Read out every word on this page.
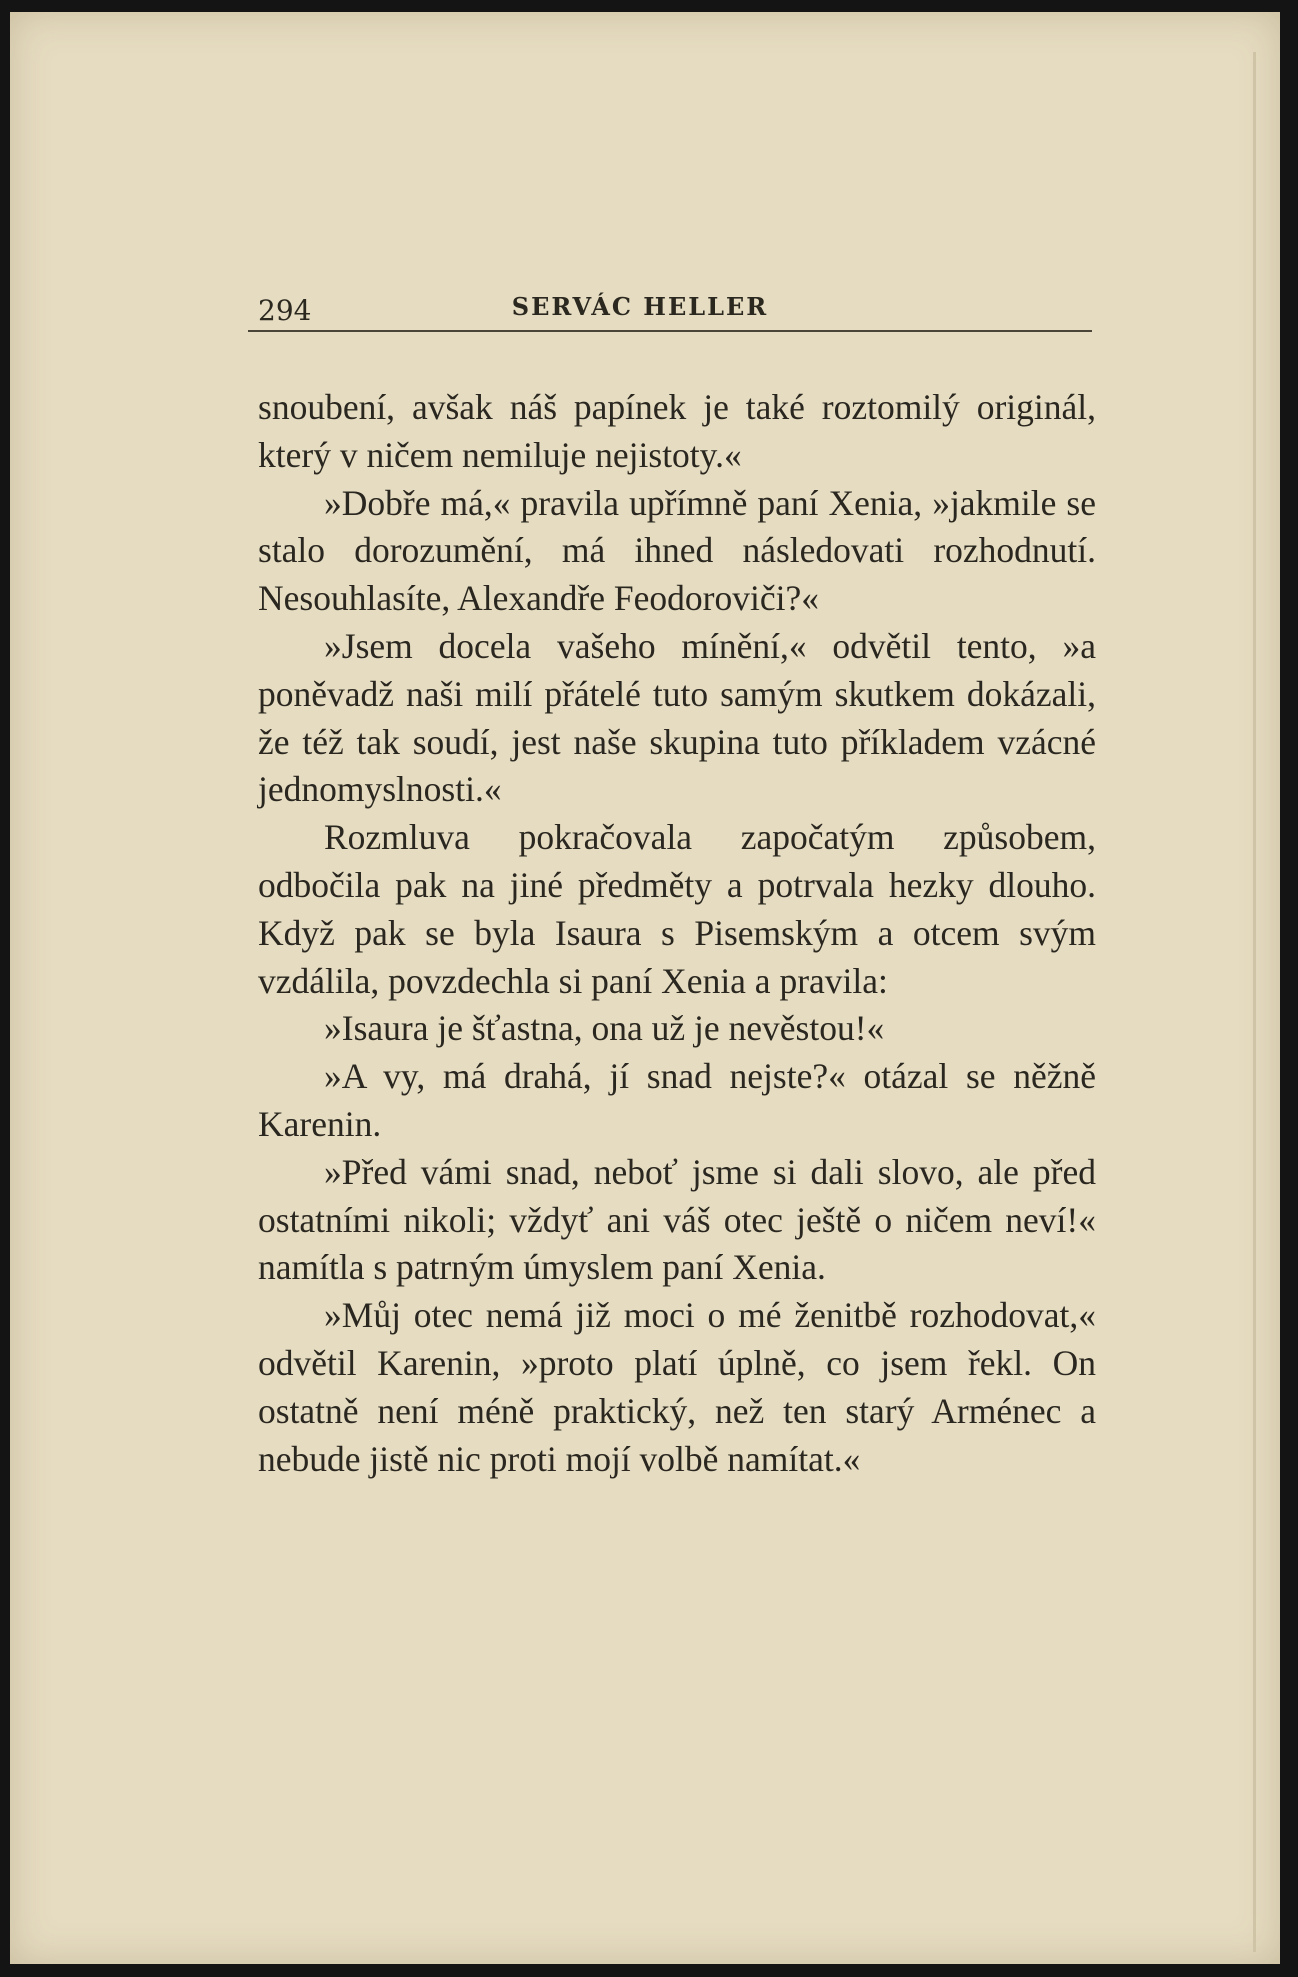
294	SERVÁC HELLER

snoubení, avšak náš papínek je také roztomilý originál, který v ničem nemiluje nejistoty.«

»Dobře má,« pravila upřímně paní Xenia, »jakmile se stalo dorozumění, má ihned následovati rozhodnutí. Nesouhlasíte, Alexandře Feodoroviči?«

»Jsem docela vašeho mínění,« odvětil tento, »a poněvadž naši milí přátelé tuto samým skutkem dokázali, že též tak soudí, jest naše skupina tuto příkladem vzácné jednomyslnosti.«

Rozmluva pokračovala započatým způsobem, odbočila pak na jiné předměty a potrvala hezky dlouho. Když pak se byla Isaura s Pisemským a otcem svým vzdálila, povzdechla si paní Xenia a pravila:

»Isaura je šťastna, ona už je nevěstou!«

»A vy, má drahá, jí snad nejste?« otázal se něžně Karenin.

»Před vámi snad, neboť jsme si dali slovo, ale před ostatními nikoli; vždyť ani váš otec ještě o ničem neví!« namítla s patrným úmyslem paní Xenia.

»Můj otec nemá již moci o mé ženitbě rozhodovat,« odvětil Karenin, »proto platí úplně, co jsem řekl. On ostatně není méně praktický, než ten starý Arménec a nebude jistě nic proti mojí volbě namítat.«
